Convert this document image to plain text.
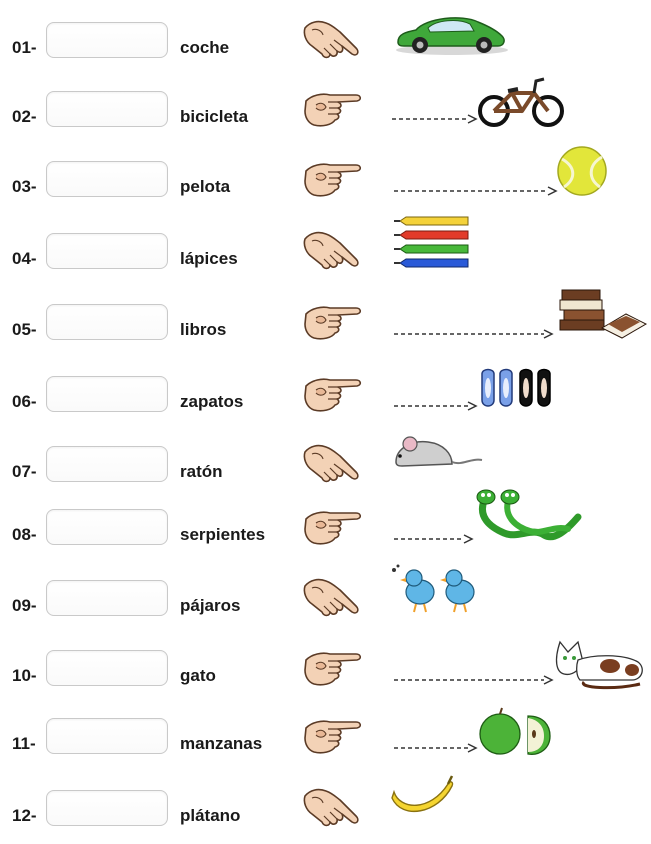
01-	coche
02-	bicicleta
03-	pelota
04-	lápices
05-	libros
06-	zapatos
07-	ratón
08-	serpientes
09-	pájaros
10-	gato
11-	manzanas
12-	plátano
